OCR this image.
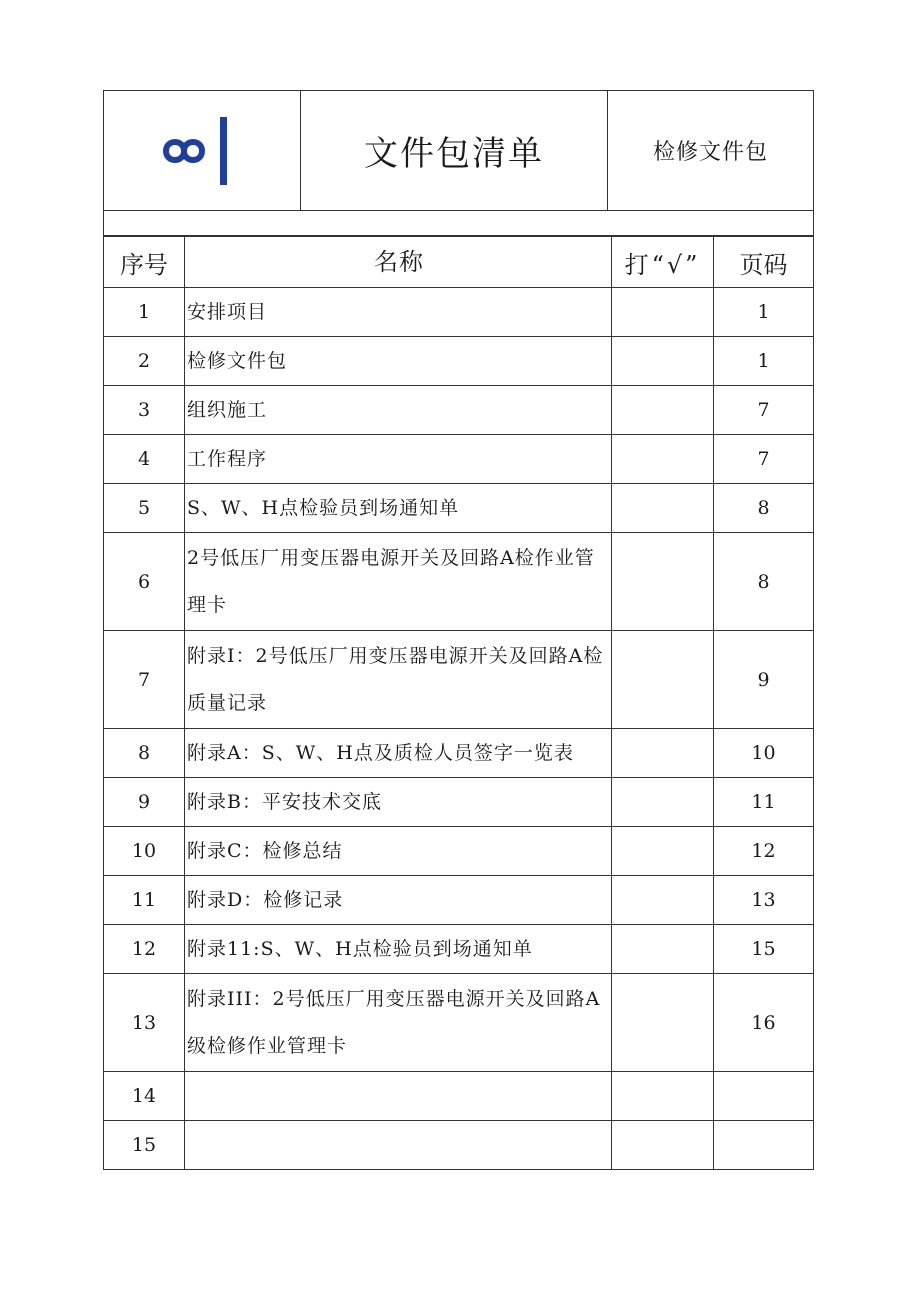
文件包清单	检修文件包
序号	名称	打“√”	页码
1	安排项目		1
2	检修文件包		1
3	组织施工		7
4	工作程序		7
5	S、W、H点检验员到场通知单		8
6	2号低压厂用变压器电源开关及回路A检作业管理卡		8
7	附录I：2号低压厂用变压器电源开关及回路A检质量记录		9
8	附录A：S、W、H点及质检人员签字一览表		10
9	附录B：平安技术交底		11
10	附录C：检修总结		12
11	附录D：检修记录		13
12	附录11:S、W、H点检验员到场通知单		15
13	附录III：2号低压厂用变压器电源开关及回路A级检修作业管理卡		16
14			
15			
